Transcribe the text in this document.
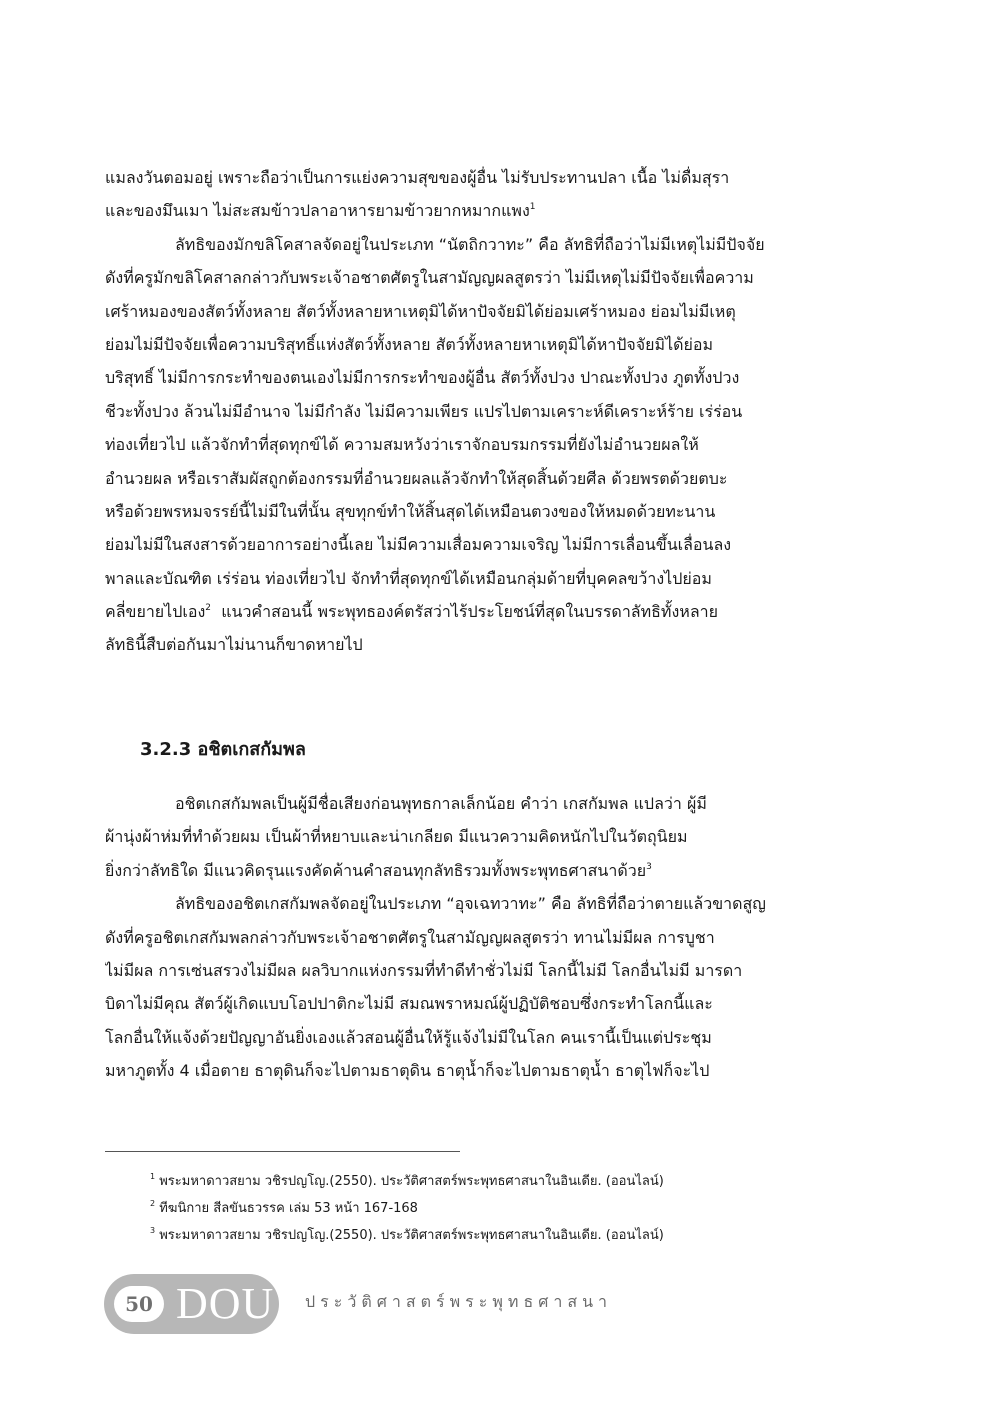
แมลงวันตอมอยู่ เพราะถือว่าเป็นการแย่งความสุขของผู้อื่น ไม่รับประทานปลา เนื้อ ไม่ดื่มสุรา
และของมึนเมา ไม่สะสมข้าวปลาอาหารยามข้าวยากหมากแพง$^1$
ลัทธิของมักขลิโคสาลจัดอยู่ในประเภท “นัตถิกวาทะ” คือ ลัทธิที่ถือว่าไม่มีเหตุไม่มีปัจจัย
ดังที่ครูมักขลิโคสาลกล่าวกับพระเจ้าอชาตศัตรูในสามัญญผลสูตรว่า ไม่มีเหตุไม่มีปัจจัยเพื่อความ
เศร้าหมองของสัตว์ทั้งหลาย สัตว์ทั้งหลายหาเหตุมิได้หาปัจจัยมิได้ย่อมเศร้าหมอง ย่อมไม่มีเหตุ
ย่อมไม่มีปัจจัยเพื่อความบริสุทธิ์แห่งสัตว์ทั้งหลาย สัตว์ทั้งหลายหาเหตุมิได้หาปัจจัยมิได้ย่อม
บริสุทธิ์ ไม่มีการกระทำของตนเองไม่มีการกระทำของผู้อื่น สัตว์ทั้งปวง ปาณะทั้งปวง ภูตทั้งปวง
ชีวะทั้งปวง ล้วนไม่มีอำนาจ ไม่มีกำลัง ไม่มีความเพียร แปรไปตามเคราะห์ดีเคราะห์ร้าย เร่ร่อน
ท่องเที่ยวไป แล้วจักทำที่สุดทุกข์ได้ ความสมหวังว่าเราจักอบรมกรรมที่ยังไม่อำนวยผลให้
อำนวยผล หรือเราสัมผัสถูกต้องกรรมที่อำนวยผลแล้วจักทำให้สุดสิ้นด้วยศีล ด้วยพรตด้วยตบะ
หรือด้วยพรหมจรรย์นี้ไม่มีในที่นั้น สุขทุกข์ทำให้สิ้นสุดได้เหมือนตวงของให้หมดด้วยทะนาน
ย่อมไม่มีในสงสารด้วยอาการอย่างนี้เลย ไม่มีความเสื่อมความเจริญ ไม่มีการเลื่อนขึ้นเลื่อนลง
พาลและบัณฑิต เร่ร่อน ท่องเที่ยวไป จักทำที่สุดทุกข์ได้เหมือนกลุ่มด้ายที่บุคคลขว้างไปย่อม
คลี่ขยายไปเอง$^2$ แนวคำสอนนี้ พระพุทธองค์ตรัสว่าไร้ประโยชน์ที่สุดในบรรดาลัทธิทั้งหลาย
ลัทธินี้สืบต่อกันมาไม่นานก็ขาดหายไป
3.2.3 อชิตเกสกัมพล
อชิตเกสกัมพลเป็นผู้มีชื่อเสียงก่อนพุทธกาลเล็กน้อย คำว่า เกสกัมพล แปลว่า ผู้มี
ผ้านุ่งผ้าห่มที่ทำด้วยผม เป็นผ้าที่หยาบและน่าเกลียด มีแนวความคิดหนักไปในวัตถุนิยม
ยิ่งกว่าลัทธิใด มีแนวคิดรุนแรงคัดค้านคำสอนทุกลัทธิรวมทั้งพระพุทธศาสนาด้วย$^3$
ลัทธิของอชิตเกสกัมพลจัดอยู่ในประเภท “อุจเฉทวาทะ” คือ ลัทธิที่ถือว่าตายแล้วขาดสูญ
ดังที่ครูอชิตเกสกัมพลกล่าวกับพระเจ้าอชาตศัตรูในสามัญญผลสูตรว่า ทานไม่มีผล การบูชา
ไม่มีผล การเซ่นสรวงไม่มีผล ผลวิบากแห่งกรรมที่ทำดีทำชั่วไม่มี โลกนี้ไม่มี โลกอื่นไม่มี มารดา
บิดาไม่มีคุณ สัตว์ผู้เกิดแบบโอปปาติกะไม่มี สมณพราหมณ์ผู้ปฏิบัติชอบซึ่งกระทำโลกนี้และ
โลกอื่นให้แจ้งด้วยปัญญาอันยิ่งเองแล้วสอนผู้อื่นให้รู้แจ้งไม่มีในโลก คนเรานี้เป็นแต่ประชุม
มหาภูตทั้ง 4 เมื่อตาย ธาตุดินก็จะไปตามธาตุดิน ธาตุน้ำก็จะไปตามธาตุน้ำ ธาตุไฟก็จะไป
$^1$ พระมหาดาวสยาม วชิรปญโญ.(2550). ประวัติศาสตร์พระพุทธศาสนาในอินเดีย. (ออนไลน์)
$^2$ ทีฆนิกาย สีลขันธวรรค เล่ม 53 หน้า 167-168
$^3$ พระมหาดาวสยาม วชิรปญโญ.(2550). ประวัติศาสตร์พระพุทธศาสนาในอินเดีย. (ออนไลน์)
50 DOU ประวัติศาสตร์พระพุทธศาสนา
